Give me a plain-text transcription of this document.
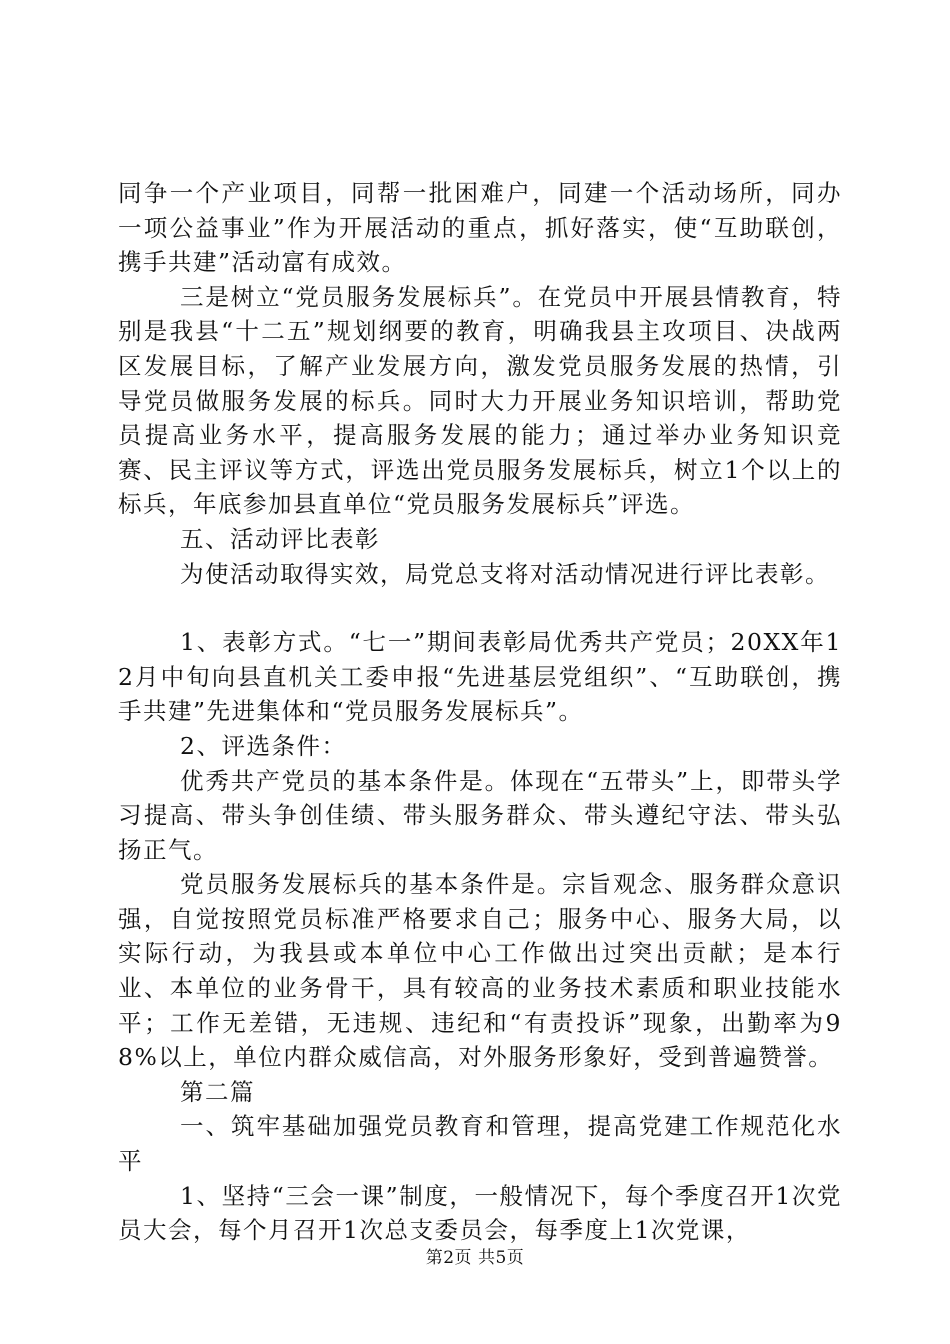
同争一个产业项目，同帮一批困难户，同建一个活动场所，同办一项公益事业”作为开展活动的重点，抓好落实，使“互助联创，携手共建”活动富有成效。

三是树立“党员服务发展标兵”。在党员中开展县情教育，特别是我县“十二五”规划纲要的教育，明确我县主攻项目、决战两区发展目标，了解产业发展方向，激发党员服务发展的热情，引导党员做服务发展的标兵。同时大力开展业务知识培训，帮助党员提高业务水平，提高服务发展的能力；通过举办业务知识竞赛、民主评议等方式，评选出党员服务发展标兵，树立1个以上的标兵，年底参加县直单位“党员服务发展标兵”评选。

五、活动评比表彰

为使活动取得实效，局党总支将对活动情况进行评比表彰。

1、表彰方式。“七一”期间表彰局优秀共产党员；20XX年12月中旬向县直机关工委申报“先进基层党组织”、“互助联创，携手共建”先进集体和“党员服务发展标兵”。

2、评选条件：

优秀共产党员的基本条件是。体现在“五带头”上，即带头学习提高、带头争创佳绩、带头服务群众、带头遵纪守法、带头弘扬正气。

党员服务发展标兵的基本条件是。宗旨观念、服务群众意识强，自觉按照党员标准严格要求自己；服务中心、服务大局，以实际行动，为我县或本单位中心工作做出过突出贡献；是本行业、本单位的业务骨干，具有较高的业务技术素质和职业技能水平；工作无差错，无违规、违纪和“有责投诉”现象，出勤率为98%以上，单位内群众威信高，对外服务形象好，受到普遍赞誉。

第二篇

一、筑牢基础加强党员教育和管理，提高党建工作规范化水平

1、坚持“三会一课”制度，一般情况下，每个季度召开1次党员大会，每个月召开1次总支委员会，每季度上1次党课，

第2页 共5页
